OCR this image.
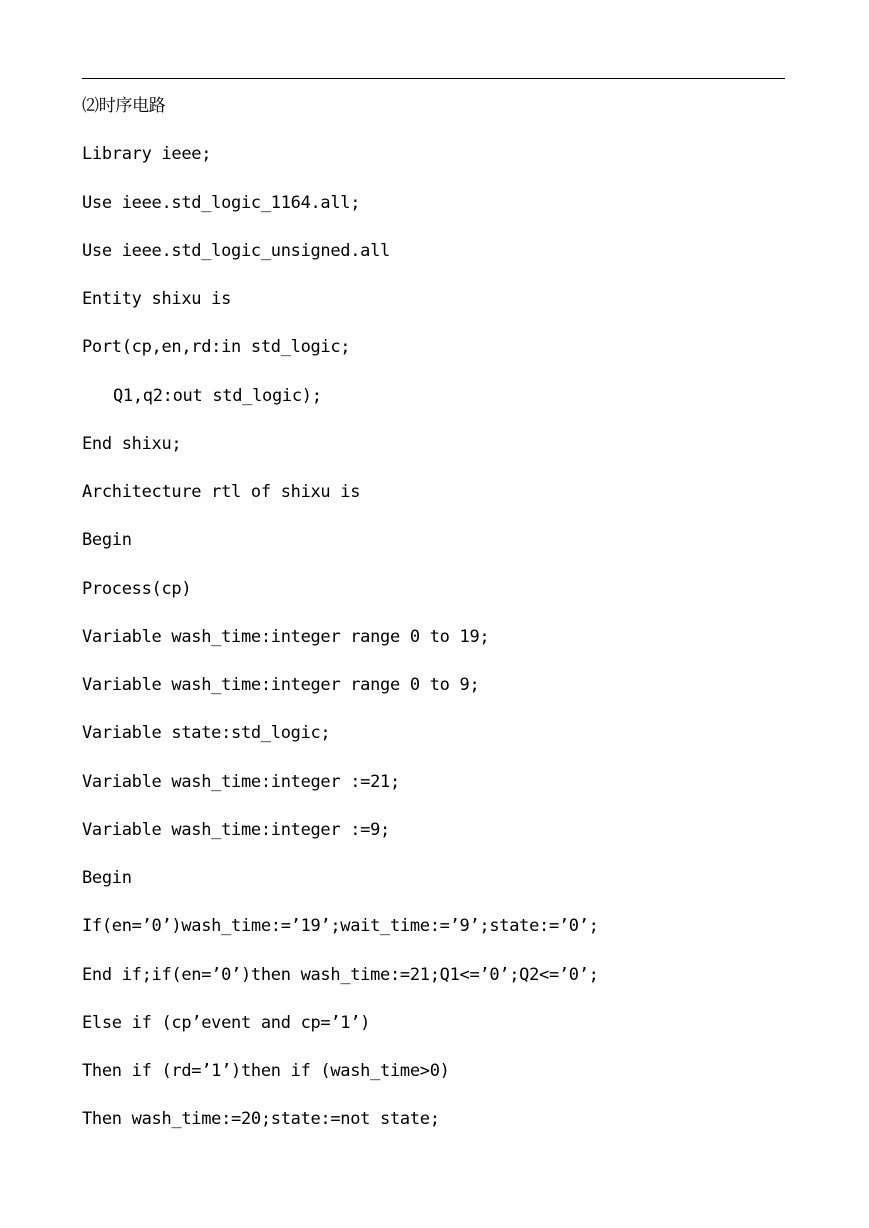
⑵时序电路
Library ieee;
Use ieee.std_logic_1164.all;
Use ieee.std_logic_unsigned.all
Entity shixu is
Port(cp,en,rd:in std_logic;
Q1,q2:out std_logic);
End shixu;
Architecture rtl of shixu is
Begin
Process(cp)
Variable wash_time:integer range 0 to 19;
Variable wash_time:integer range 0 to 9;
Variable state:std_logic;
Variable wash_time:integer :=21;
Variable wash_time:integer :=9;
Begin
If(en=’0’)wash_time:=’19’;wait_time:=’9’;state:=’0’;
End if;if(en=’0’)then wash_time:=21;Q1<=’0’;Q2<=’0’;
Else if (cp’event and cp=’1’)
Then if (rd=’1’)then if (wash_time>0)
Then wash_time:=20;state:=not state;
